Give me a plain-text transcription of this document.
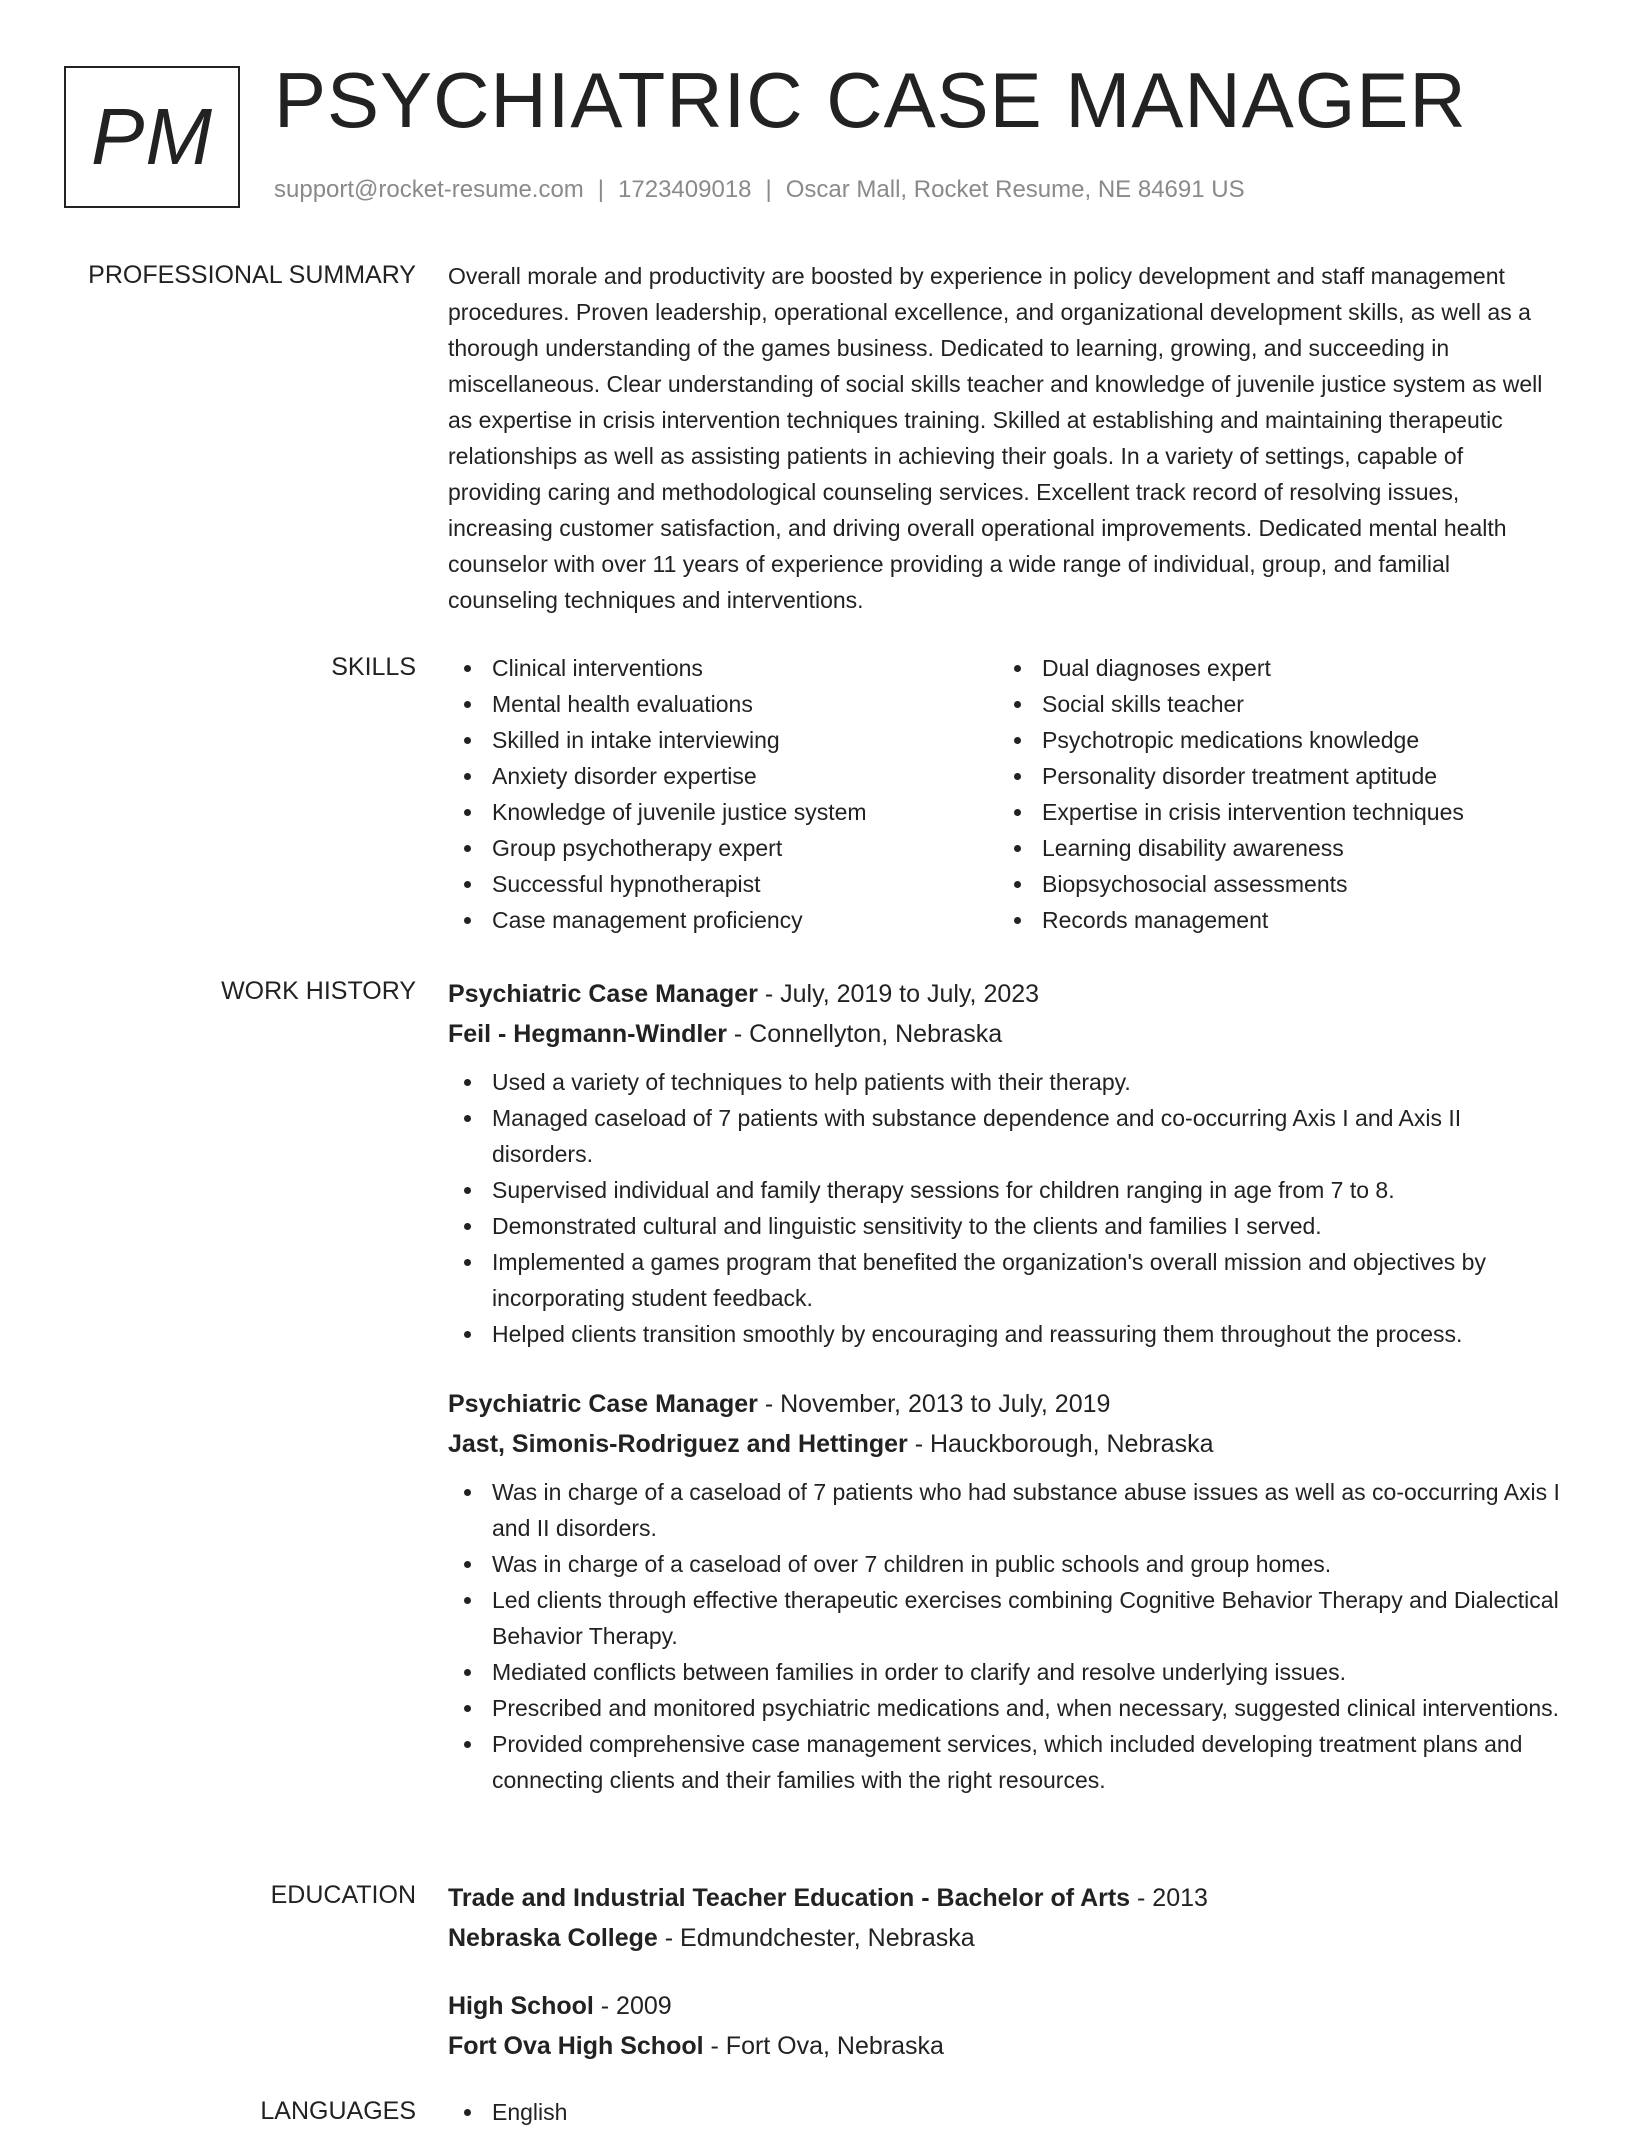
PM PSYCHIATRIC CASE MANAGER
support@rocket-resume.com | 1723409018 | Oscar Mall, Rocket Resume, NE 84691 US
PROFESSIONAL SUMMARY Overall morale and productivity are boosted by experience in policy development and staff management procedures. Proven leadership, operational excellence, and organizational development skills, as well as a thorough understanding of the games business. Dedicated to learning, growing, and succeeding in miscellaneous. Clear understanding of social skills teacher and knowledge of juvenile justice system as well as expertise in crisis intervention techniques training. Skilled at establishing and maintaining therapeutic relationships as well as assisting patients in achieving their goals. In a variety of settings, capable of providing caring and methodological counseling services. Excellent track record of resolving issues, increasing customer satisfaction, and driving overall operational improvements. Dedicated mental health counselor with over 11 years of experience providing a wide range of individual, group, and familial counseling techniques and interventions.

SKILLS	Clinical interventions
Mental health evaluations
Skilled in intake interviewing
Anxiety disorder expertise
Knowledge of juvenile justice system
Group psychotherapy expert
Successful hypnotherapist
Case management proficiency
Dual diagnoses expert
Social skills teacher
Psychotropic medications knowledge
Personality disorder treatment aptitude
Expertise in crisis intervention techniques
Learning disability awareness
Biopsychosocial assessments
Records management
WORK HISTORY Psychiatric Case Manager - July, 2019 to July, 2023
Feil - Hegmann-Windler - Connellyton, Nebraska
Used a variety of techniques to help patients with their therapy.
Managed caseload of 7 patients with substance dependence and co-occurring Axis I and Axis II disorders.
Supervised individual and family therapy sessions for children ranging in age from 7 to 8.
Demonstrated cultural and linguistic sensitivity to the clients and families I served.
Implemented a games program that benefited the organization's overall mission and objectives by incorporating student feedback.
Helped clients transition smoothly by encouraging and reassuring them throughout the process.
Psychiatric Case Manager - November, 2013 to July, 2019
Jast, Simonis-Rodriguez and Hettinger - Hauckborough, Nebraska
Was in charge of a caseload of 7 patients who had substance abuse issues as well as co-occurring Axis I and II disorders.
Was in charge of a caseload of over 7 children in public schools and group homes.
Led clients through effective therapeutic exercises combining Cognitive Behavior Therapy and Dialectical Behavior Therapy.
Mediated conflicts between families in order to clarify and resolve underlying issues.
Prescribed and monitored psychiatric medications and, when necessary, suggested clinical interventions.
Provided comprehensive case management services, which included developing treatment plans and connecting clients and their families with the right resources.
EDUCATION Trade and Industrial Teacher Education - Bachelor of Arts - 2013
Nebraska College - Edmundchester, Nebraska
High School - 2009
Fort Ova High School - Fort Ova, Nebraska
LANGUAGES	English
